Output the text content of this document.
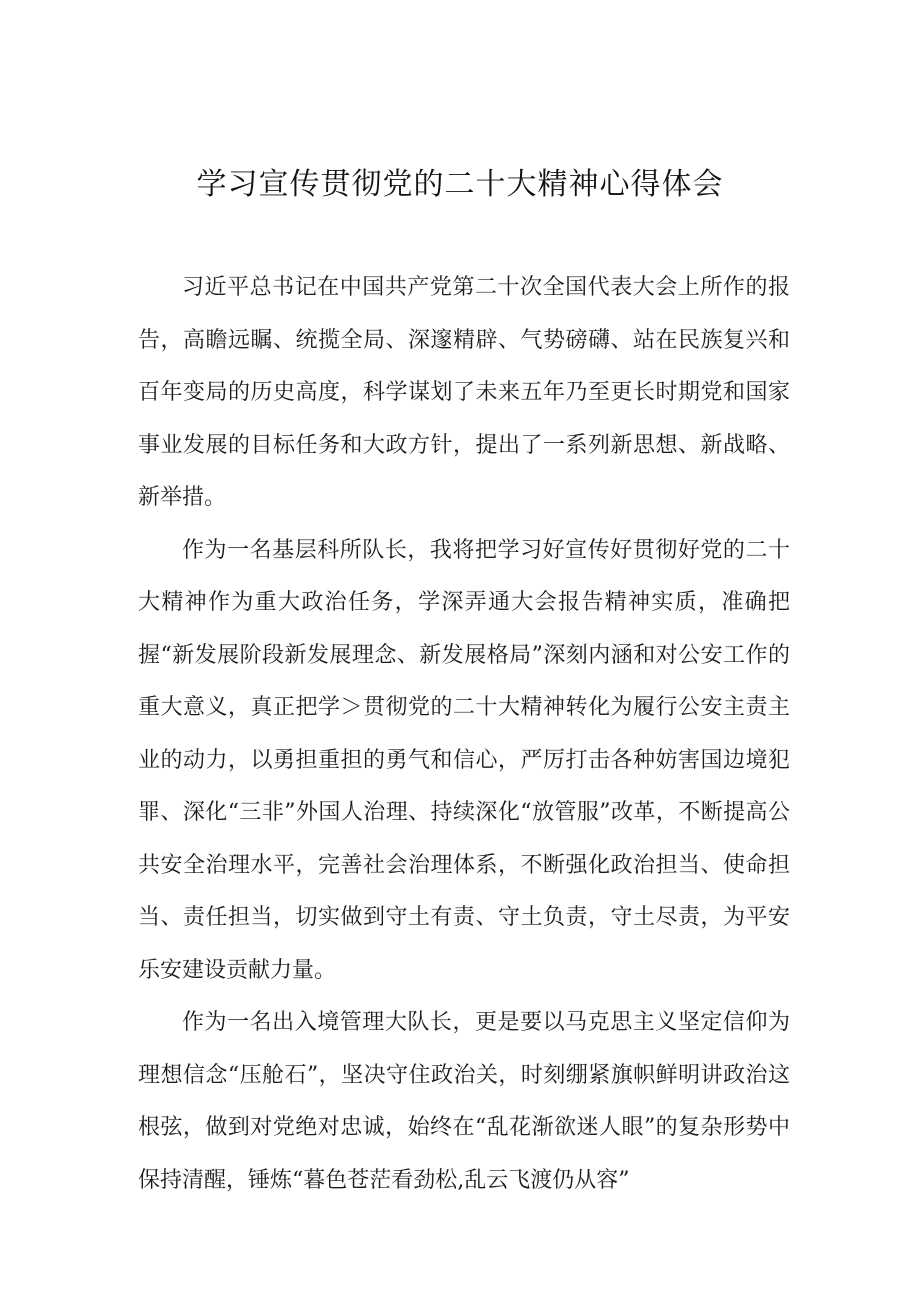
学习宣传贯彻党的二十大精神心得体会

习近平总书记在中国共产党第二十次全国代表大会上所作的报告，高瞻远瞩、统揽全局、深邃精辟、气势磅礴、站在民族复兴和百年变局的历史高度，科学谋划了未来五年乃至更长时期党和国家事业发展的目标任务和大政方针，提出了一系列新思想、新战略、新举措。

作为一名基层科所队长，我将把学习好宣传好贯彻好党的二十大精神作为重大政治任务，学深弄通大会报告精神实质，准确把握“新发展阶段新发展理念、新发展格局”深刻内涵和对公安工作的重大意义，真正把学＞贯彻党的二十大精神转化为履行公安主责主业的动力，以勇担重担的勇气和信心，严厉打击各种妨害国边境犯罪、深化“三非”外国人治理、持续深化“放管服”改革，不断提高公共安全治理水平，完善社会治理体系，不断强化政治担当、使命担当、责任担当，切实做到守土有责、守土负责，守土尽责，为平安乐安建设贡献力量。

作为一名出入境管理大队长，更是要以马克思主义坚定信仰为理想信念“压舱石”，坚决守住政治关，时刻绷紧旗帜鲜明讲政治这根弦，做到对党绝对忠诚，始终在“乱花渐欲迷人眼”的复杂形势中保持清醒，锤炼“暮色苍茫看劲松,乱云飞渡仍从容”
